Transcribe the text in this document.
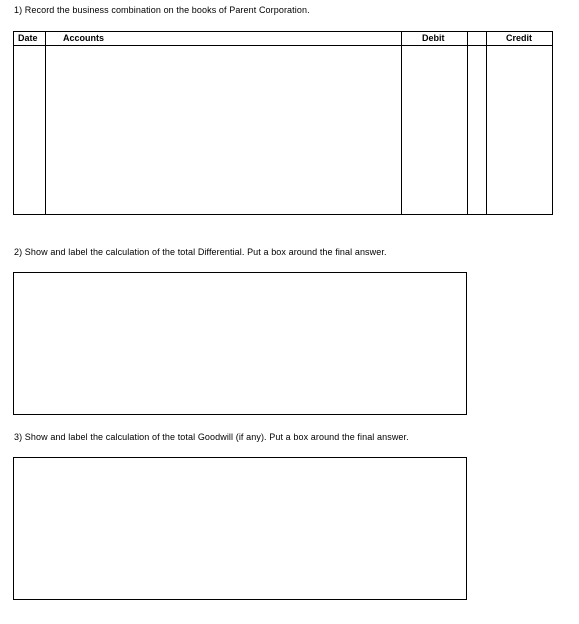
1) Record the business combination on the books of Parent Corporation.
Date	Accounts	Debit	Credit
2) Show and label the calculation of the total Differential. Put a box around the final answer.
3) Show and label the calculation of the total Goodwill (if any). Put a box around the final answer.
